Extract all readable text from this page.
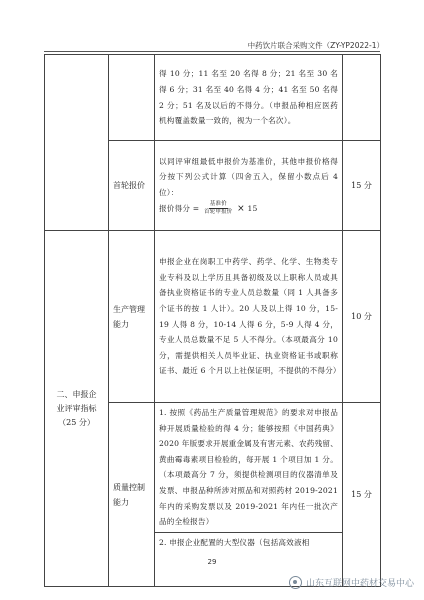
中药饮片联合采购文件（ZY-YP2022-1）
		得 10 分；11 名至 20 名得 8 分；21 名至 30 名得 6 分；31 名至 40 名得 4 分；41 名至 50 名得 2 分；51 名及以后的不得分。（申报品种相应医药机构覆盖数量一致的，视为一个名次）。	
	首轮报价	以同评审组最低申报价为基准价，其他申报价格得分按下列公式计算（四舍五入，保留小数点后 4 位）：
报价得分 = $\frac{\text{基准价}}{\text{首轮申报价}} \times 15$	15 分

二、申报企业评审指标（25 分）	生产管理能力	申报企业在岗职工中药学、药学、化学、生物类专业专科及以上学历且具备初级及以上职称人员或具备执业资格证书的专业人员总数量（同 1 人具备多个证书的按 1 人计）。20 人及以上得 10 分，15-19 人得 8 分，10-14 人得 6 分，5-9 人得 4 分，专业人员总数量不足 5 人不得分。（本项最高分 10 分，需提供相关人员毕业证、执业资格证书或职称证书、最近 6 个月以上社保证明，不提供的不得分）	10 分
	质量控制能力	1. 按照《药品生产质量管理规范》的要求对申报品种开展质量检验的得 4 分；能够按照《中国药典》2020 年版要求开展重金属及有害元素、农药残留、黄曲霉毒素项目检验的，每开展 1 个项目加 1 分。（本项最高分 7 分，须提供检测项目的仪器清单及发票、申报品种所涉对照品和对照药材 2019-2021 年内的采购发票以及 2019-2021 年内任一批次产品的全检报告）
2. 申报企业配置的大型仪器（包括高效液相	15 分
29
山东互联网中药材交易中心
